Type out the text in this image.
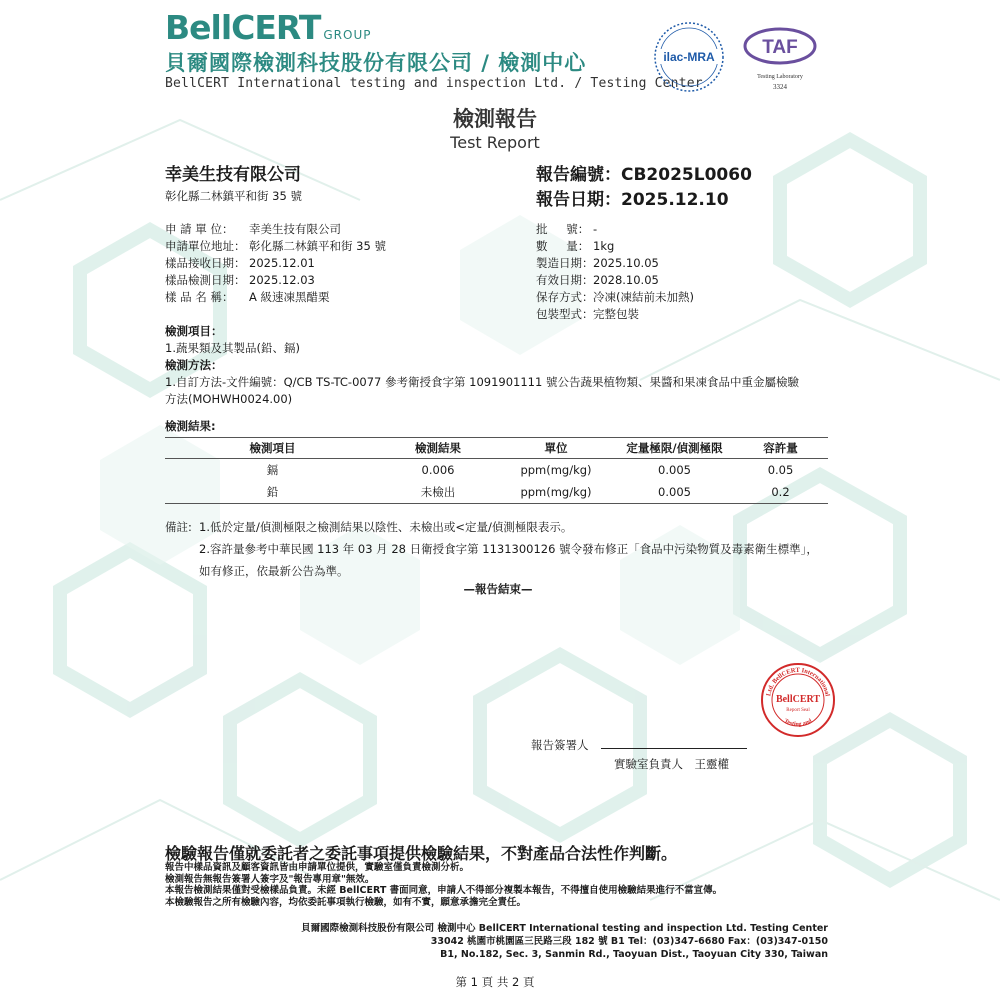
BellCERT GROUP
貝爾國際檢測科技股份有限公司 / 檢測中心
BellCERT International testing and inspection Ltd. / Testing Center
ilac-MRA	TAF
Testing Laboratory
3324
檢測報告
Test Report
幸美生技有限公司
彰化縣二林鎮平和街 35 號
報告編號：CB2025L0060
報告日期：2025.12.10
申 請 單 位： 幸美生技有限公司
申請單位地址： 彰化縣二林鎮平和街 35 號
樣品接收日期： 2025.12.01
樣品檢測日期： 2025.12.03
樣 品 名 稱： A 級速凍黑醋栗
批 　 號： -
數 　 量： 1kg
製造日期：2025.10.05
有效日期：2028.10.05
保存方式：冷凍(凍結前未加熱)
包裝型式：完整包裝
檢測項目：
1.蔬果類及其製品(鉛、鎘)
檢測方法：
1.自訂方法-文件編號：Q/CB TS-TC-0077 參考衛授食字第 1091901111 號公告蔬果植物類、果醬和果凍食品中重金屬檢驗
方法(MOHWH0024.00)
檢測結果:
檢測項目	檢測結果	單位	定量極限/偵測極限	容許量
鎘	0.006	ppm(mg/kg)	0.005	0.05
鉛	未檢出	ppm(mg/kg)	0.005	0.2
備註: 1.低於定量/偵測極限之檢測結果以陰性、未檢出或<定量/偵測極限表示。
2.容許量參考中華民國 113 年 03 月 28 日衛授食字第 1131300126 號令發布修正「食品中污染物質及毒素衛生標準」，
如有修正，依最新公告為準。
—報告結束—
Ltd. BellCERT International
Testing and
BellCERT
Report Seal
報告簽署人
實驗室負責人　王靈權
檢驗報告僅就委託者之委託事項提供檢驗結果，不對產品合法性作判斷。
報告中樣品資訊及顧客資訊皆由申請單位提供，實驗室僅負責檢測分析。
檢測報告無報告簽署人簽字及"報告專用章"無效。
本報告檢測結果僅對受檢樣品負責。未經 BellCERT 書面同意，申請人不得部分複製本報告，不得擅自使用檢驗結果進行不當宣傳。
本檢驗報告之所有檢驗內容，均依委託事項執行檢驗，如有不實，願意承擔完全責任。
貝爾國際檢測科技股份有限公司 檢測中心 BellCERT International testing and inspection Ltd. Testing Center
33042 桃園市桃園區三民路三段 182 號 B1 Tel：(03)347-6680 Fax：(03)347-0150
B1, No.182, Sec. 3, Sanmin Rd., Taoyuan Dist., Taoyuan City 330, Taiwan
第 1 頁 共 2 頁
